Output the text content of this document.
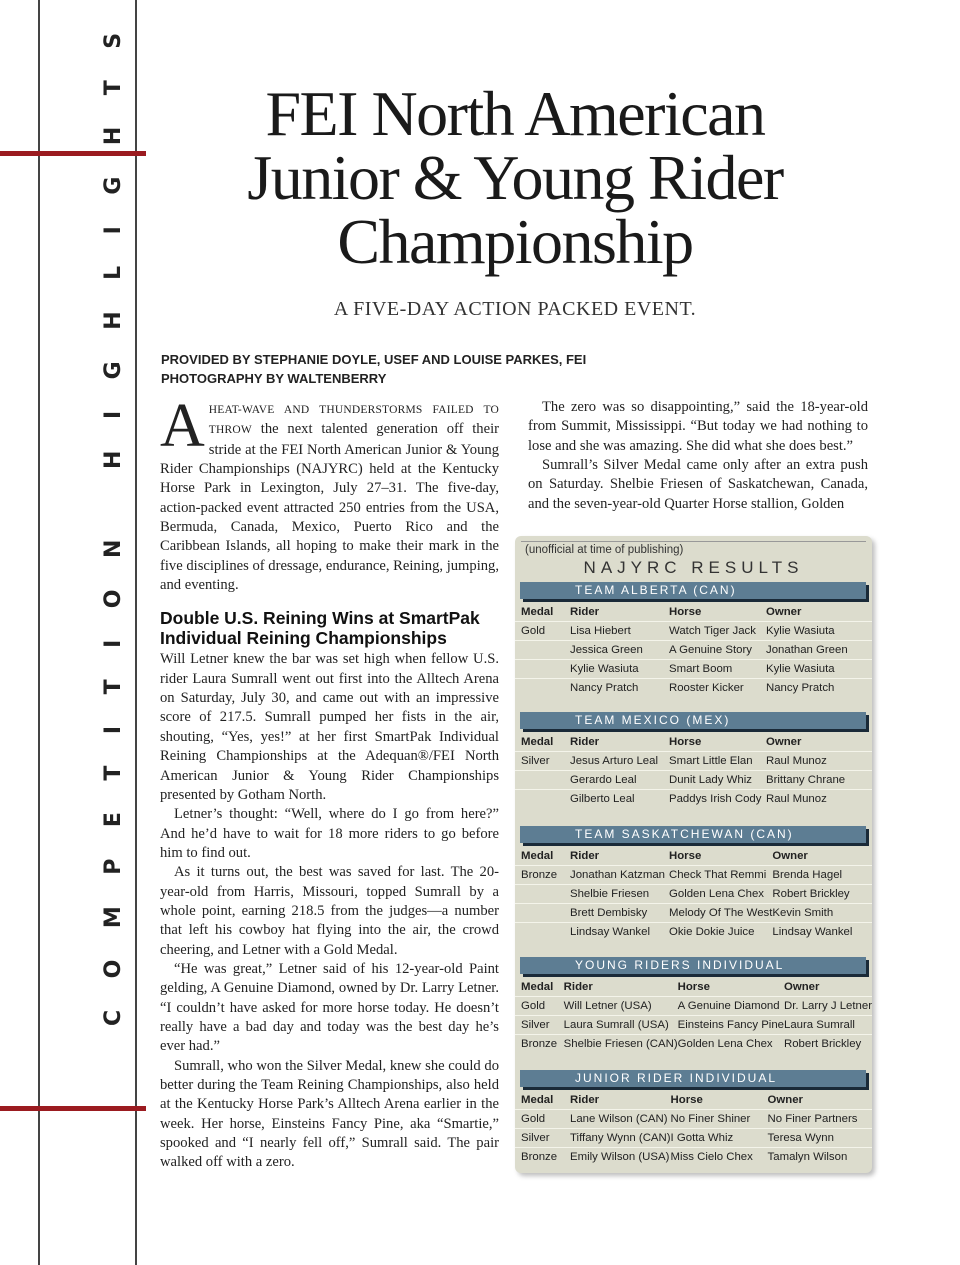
COMPETITION HIGHLIGHTS	FEI North American
Junior & Young Rider
Championship
A FIVE-DAY ACTION PACKED EVENT.
PROVIDED BY STEPHANIE DOYLE, USEF AND LOUISE PARKES, FEI
PHOTOGRAPHY BY WALTENBERRY

AHEAT-WAVE AND THUNDERSTORMS FAILED TO THROW the next talented generation off their stride at the FEI North American Junior & Young Rider Championships (NAJYRC) held at the Kentucky Horse Park in Lexington, July 27–31. The five-day, action-packed event attracted 250 entries from the USA, Bermuda, Canada, Mexico, Puerto Rico and the Caribbean Islands, all hoping to make their mark in the five disciplines of dressage, endurance, Reining, jumping, and eventing.

Double U.S. Reining Wins at SmartPak Individual Reining Championships

Will Letner knew the bar was set high when fellow U.S. rider Laura Sumrall went out first into the Alltech Arena on Saturday, July 30, and came out with an impressive score of 217.5. Sumrall pumped her fists in the air, shouting, “Yes, yes!” at her first SmartPak Individual Reining Championships at the Adequan®/FEI North American Junior & Young Rider Championships presented by Gotham North.

Letner’s thought: “Well, where do I go from here?” And he’d have to wait for 18 more riders to go before him to find out.

As it turns out, the best was saved for last. The 20-year-old from Harris, Missouri, topped Sumrall by a whole point, earning 218.5 from the judges—a number that left his cowboy hat flying into the air, the crowd cheering, and Letner with a Gold Medal.

“He was great,” Letner said of his 12-year-old Paint gelding, A Genuine Diamond, owned by Dr. Larry Letner. “I couldn’t have asked for more horse today. He doesn’t really have a bad day and today was the best day he’s ever had.”

Sumrall, who won the Silver Medal, knew she could do better during the Team Reining Championships, also held at the Kentucky Horse Park’s Alltech Arena earlier in the week. Her horse, Einsteins Fancy Pine, aka “Smartie,” spooked and “I nearly fell off,” Sumrall said. The pair walked off with a zero.

The zero was so disappointing,” said the 18-year-old from Summit, Mississippi. “But today we had nothing to lose and she was amazing. She did what she does best.”

Sumrall’s Silver Medal came only after an extra push on Saturday. Shelbie Friesen of Saskatchewan, Canada, and the seven-year-old Quarter Horse stallion, Golden

(unofficial at time of publishing)
NAJYRC RESULTS
TEAM ALBERTA (CAN)
Medal	Rider	Horse	Owner
Gold	Lisa Hiebert	Watch Tiger Jack	Kylie Wasiuta
	Jessica Green	A Genuine Story	Jonathan Green
	Kylie Wasiuta	Smart Boom	Kylie Wasiuta
	Nancy Pratch	Rooster Kicker	Nancy Pratch
TEAM MEXICO (MEX)
Medal	Rider	Horse	Owner
Silver	Jesus Arturo Leal	Smart Little Elan	Raul Munoz
	Gerardo Leal	Dunit Lady Whiz	Brittany Chrane
	Gilberto Leal	Paddys Irish Cody	Raul Munoz
TEAM SASKATCHEWAN (CAN)
Medal	Rider	Horse	Owner
Bronze	Jonathan Katzman	Check That Remmi	Brenda Hagel
	Shelbie Friesen	Golden Lena Chex	Robert Brickley
	Brett Dembisky	Melody Of The West	Kevin Smith
	Lindsay Wankel	Okie Dokie Juice	Lindsay Wankel
YOUNG RIDERS INDIVIDUAL
Medal	Rider	Horse	Owner
Gold	Will Letner (USA)	A Genuine Diamond	Dr. Larry J Letner
Silver	Laura Sumrall (USA)	Einsteins Fancy Pine	Laura Sumrall
Bronze	Shelbie Friesen (CAN)	Golden Lena Chex	Robert Brickley
JUNIOR RIDER INDIVIDUAL
Medal	Rider	Horse	Owner
Gold	Lane Wilson (CAN)	No Finer Shiner	No Finer Partners
Silver	Tiffany Wynn (CAN)	I Gotta Whiz	Teresa Wynn
Bronze	Emily Wilson (USA)	Miss Cielo Chex	Tamalyn Wilson
